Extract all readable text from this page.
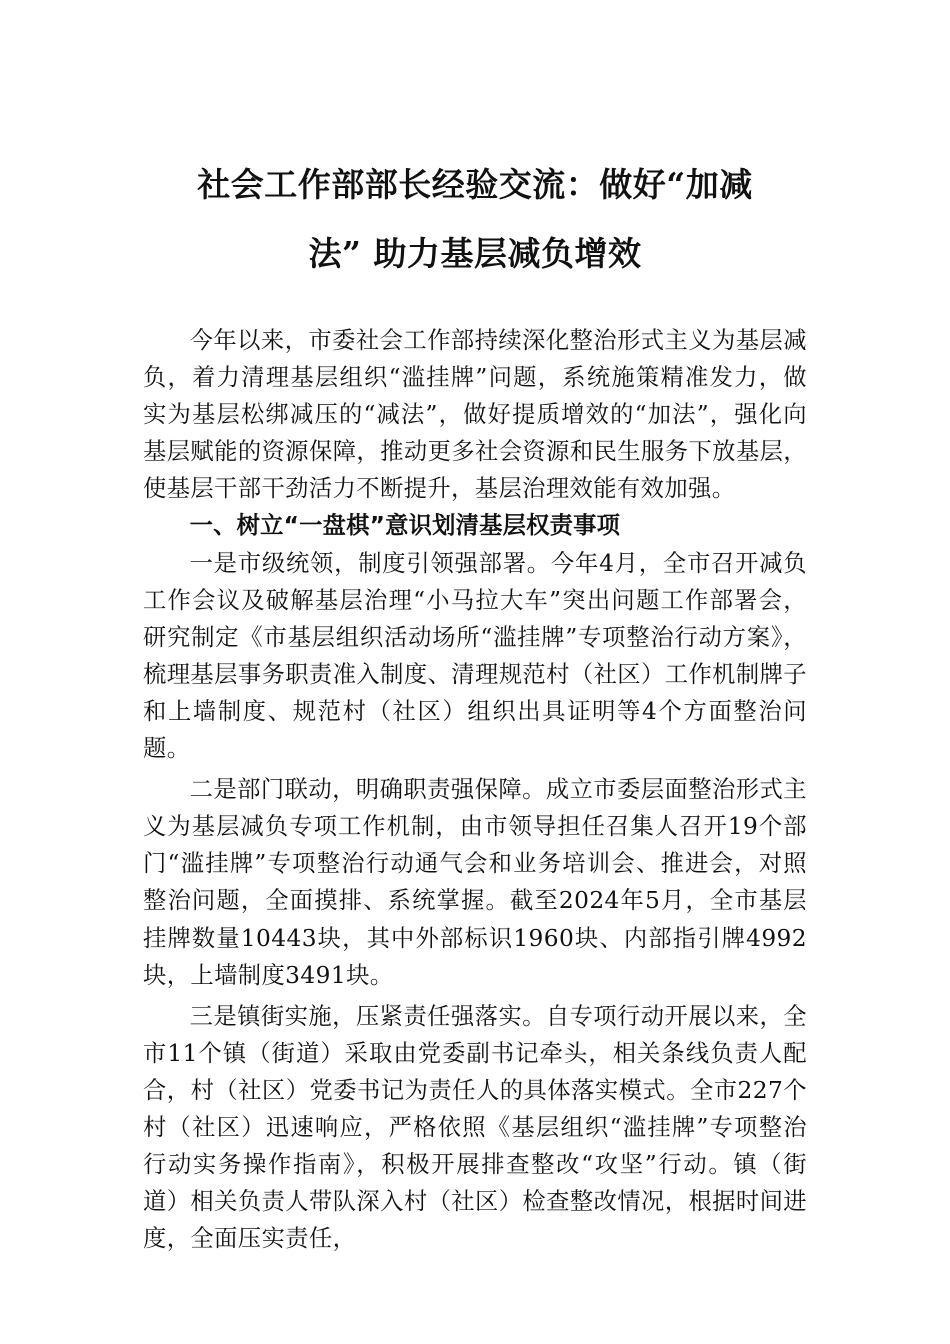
社会工作部部长经验交流：做好“加减
法” 助力基层减负增效

今年以来，市委社会工作部持续深化整治形式主义为基层减负，着力清理基层组织“滥挂牌”问题，系统施策精准发力，做实为基层松绑减压的“减法”，做好提质增效的“加法”，强化向基层赋能的资源保障，推动更多社会资源和民生服务下放基层，使基层干部干劲活力不断提升，基层治理效能有效加强。

一、树立“一盘棋”意识划清基层权责事项

一是市级统领，制度引领强部署。今年4月，全市召开减负工作会议及破解基层治理“小马拉大车”突出问题工作部署会，研究制定《市基层组织活动场所“滥挂牌”专项整治行动方案》，梳理基层事务职责准入制度、清理规范村（社区）工作机制牌子和上墙制度、规范村（社区）组织出具证明等4个方面整治问题。

二是部门联动，明确职责强保障。成立市委层面整治形式主义为基层减负专项工作机制，由市领导担任召集人召开19个部门“滥挂牌”专项整治行动通气会和业务培训会、推进会，对照整治问题，全面摸排、系统掌握。截至2024年5月，全市基层挂牌数量10443块，其中外部标识1960块、内部指引牌4992块，上墙制度3491块。

三是镇街实施，压紧责任强落实。自专项行动开展以来，全市11个镇（街道）采取由党委副书记牵头，相关条线负责人配合，村（社区）党委书记为责任人的具体落实模式。全市227个村（社区）迅速响应，严格依照《基层组织“滥挂牌”专项整治行动实务操作指南》，积极开展排查整改“攻坚”行动。镇（街道）相关负责人带队深入村（社区）检查整改情况，根据时间进度，全面压实责任，
